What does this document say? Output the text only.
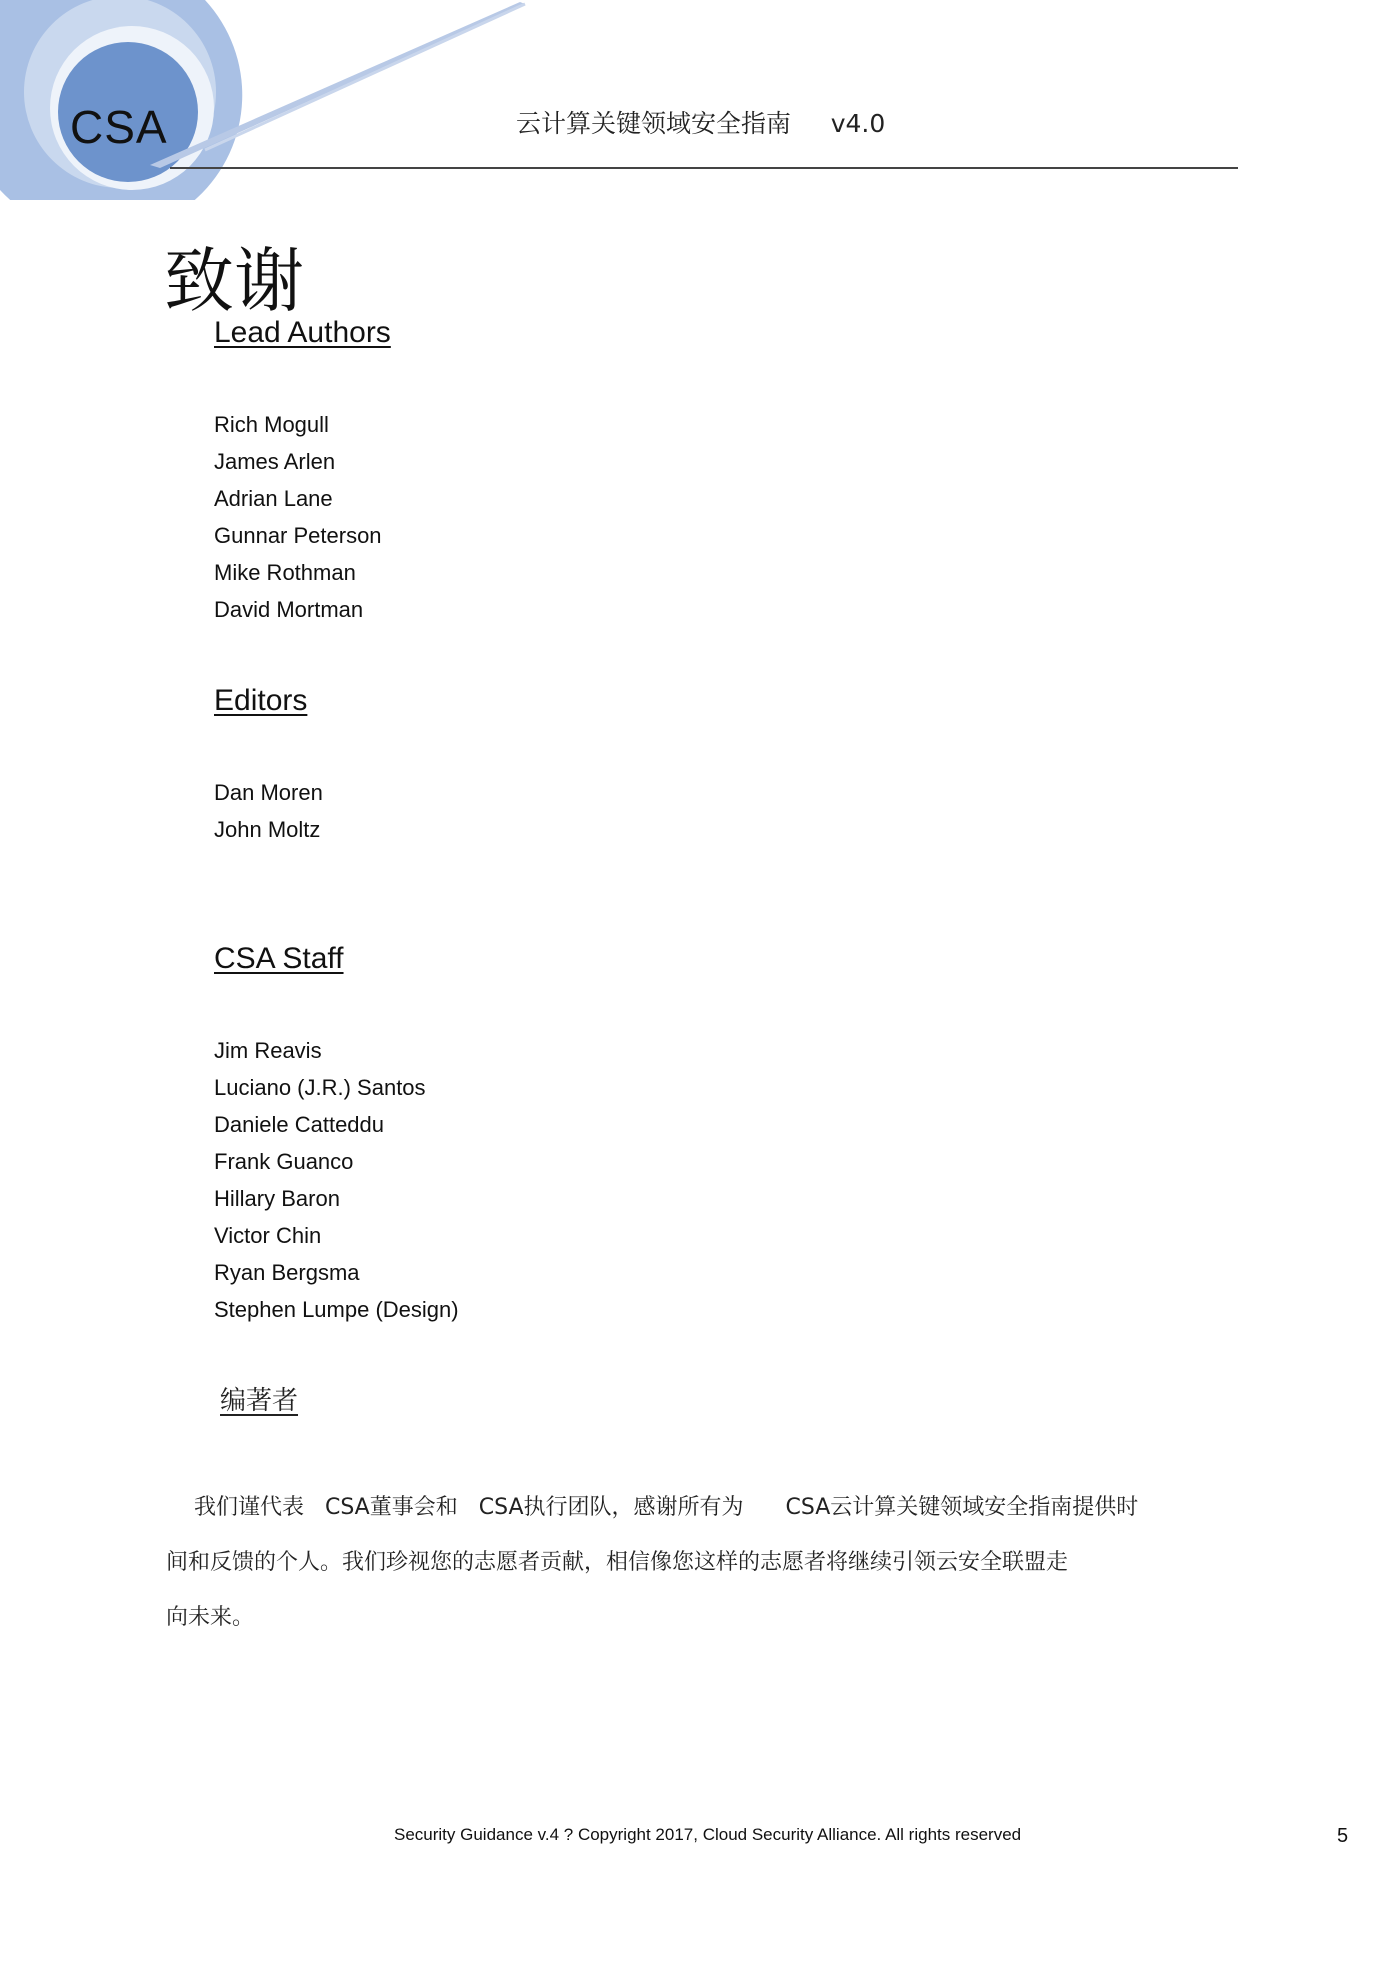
CSA	云计算关键领域安全指南     v4.0
致谢
Lead Authors
Rich Mogull
James Arlen
Adrian Lane
Gunnar Peterson
Mike Rothman
David Mortman
Editors
Dan Moren
John Moltz
CSA Staff
Jim Reavis
Luciano (J.R.) Santos
Daniele Catteddu
Frank Guanco
Hillary Baron
Victor Chin
Ryan Bergsma
Stephen Lumpe (Design)
编著者
我们谨代表   CSA董事会和   CSA执行团队，感谢所有为      CSA云计算关键领域安全指南提供时
间和反馈的个人。我们珍视您的志愿者贡献，相信像您这样的志愿者将继续引领云安全联盟走
向未来。
Security Guidance v.4 ? Copyright 2017, Cloud Security Alliance. All rights reserved	5
